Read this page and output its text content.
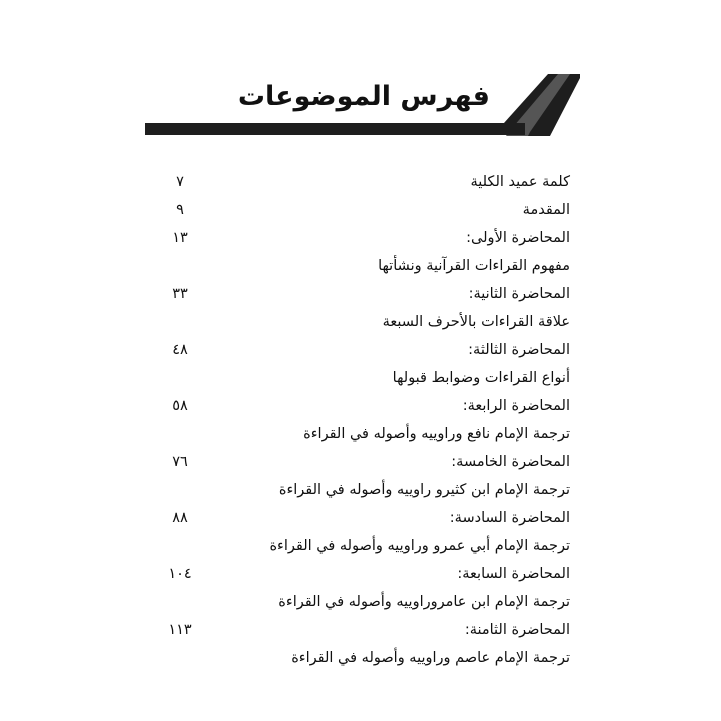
فهرس الموضوعات
كلمة عميد الكلية
٧
المقدمة
٩
المحاضرة الأولى:
١٣
مفهوم القراءات القرآنية ونشأتها
المحاضرة الثانية:
٣٣
علاقة القراءات بالأحرف السبعة
المحاضرة الثالثة:
٤٨
أنواع القراءات وضوابط قبولها
المحاضرة الرابعة:
٥٨
ترجمة الإمام نافع وراوييه وأصوله في القراءة
المحاضرة الخامسة:
٧٦
ترجمة الإمام ابن كثيرو راوييه وأصوله في القراءة
المحاضرة السادسة:
٨٨
ترجمة الإمام أبي عمرو وراوييه وأصوله في القراءة
المحاضرة السابعة:
١٠٤
ترجمة الإمام ابن عامروراوييه وأصوله في القراءة
المحاضرة الثامنة:
١١٣
ترجمة الإمام عاصم وراوييه وأصوله في القراءة
